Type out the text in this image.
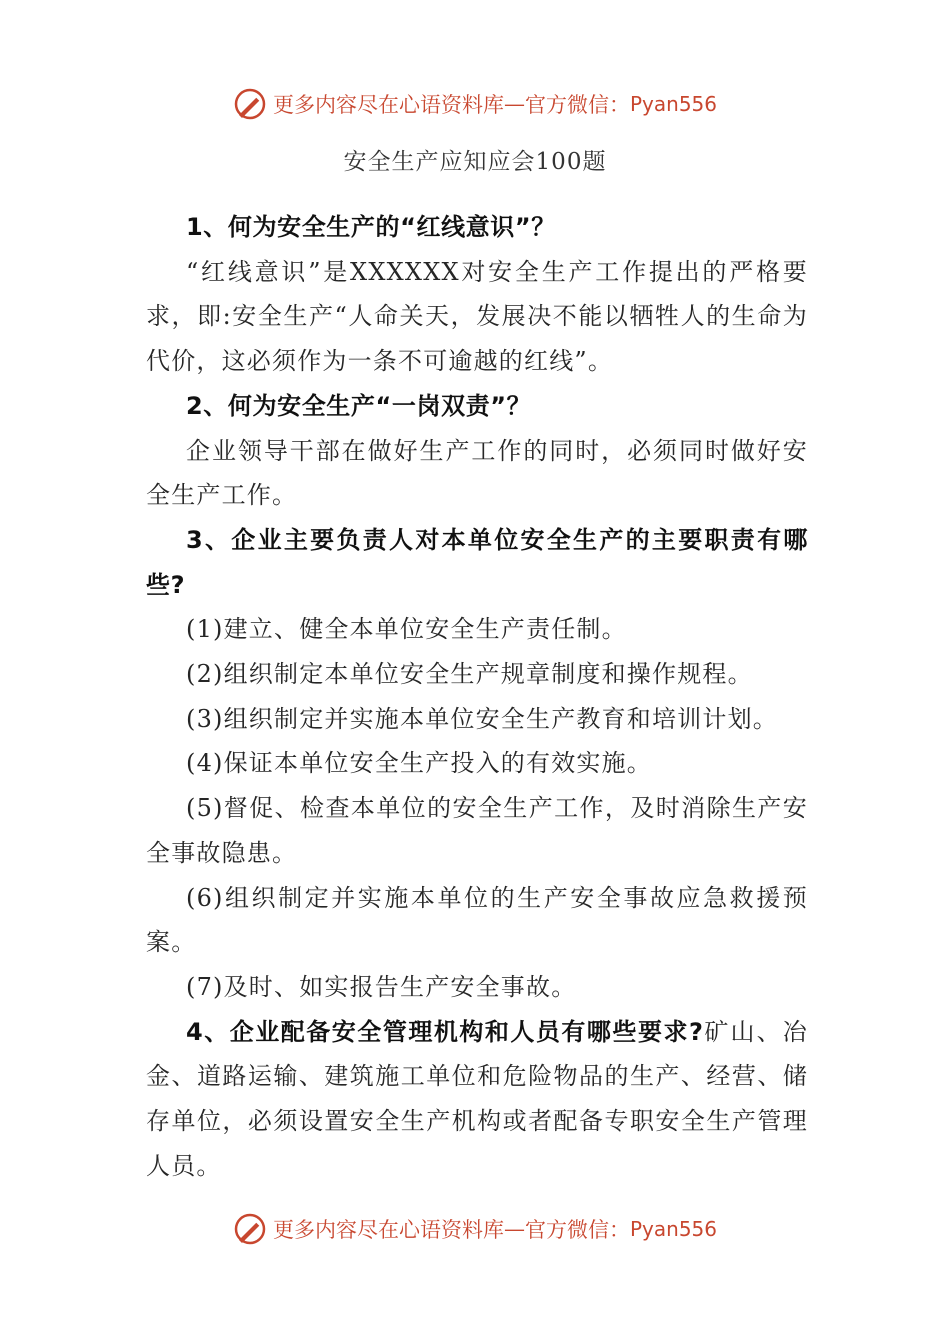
更多内容尽在心语资料库 — 官方微信： Pyan556
安全生产应知应会100题

1、何为安全生产的“红线意识”？

“红线意识”是XXXXXX对安全生产工作提出的严格要求，即:安全生产“人命关天，发展决不能以牺牲人的生命为代价，这必须作为一条不可逾越的红线”。

2、何为安全生产“一岗双责”？

企业领导干部在做好生产工作的同时，必须同时做好安全生产工作。

3、企业主要负责人对本单位安全生产的主要职责有哪些?

(1)建立、健全本单位安全生产责任制。

(2)组织制定本单位安全生产规章制度和操作规程。

(3)组织制定并实施本单位安全生产教育和培训计划。

(4)保证本单位安全生产投入的有效实施。

(5)督促、检查本单位的安全生产工作，及时消除生产安全事故隐患。

(6)组织制定并实施本单位的生产安全事故应急救援预案。

(7)及时、如实报告生产安全事故。

4、企业配备安全管理机构和人员有哪些要求?矿山、冶金、道路运输、建筑施工单位和危险物品的生产、经营、储存单位，必须设置安全生产机构或者配备专职安全生产管理人员。

更多内容尽在心语资料库 — 官方微信： Pyan556
